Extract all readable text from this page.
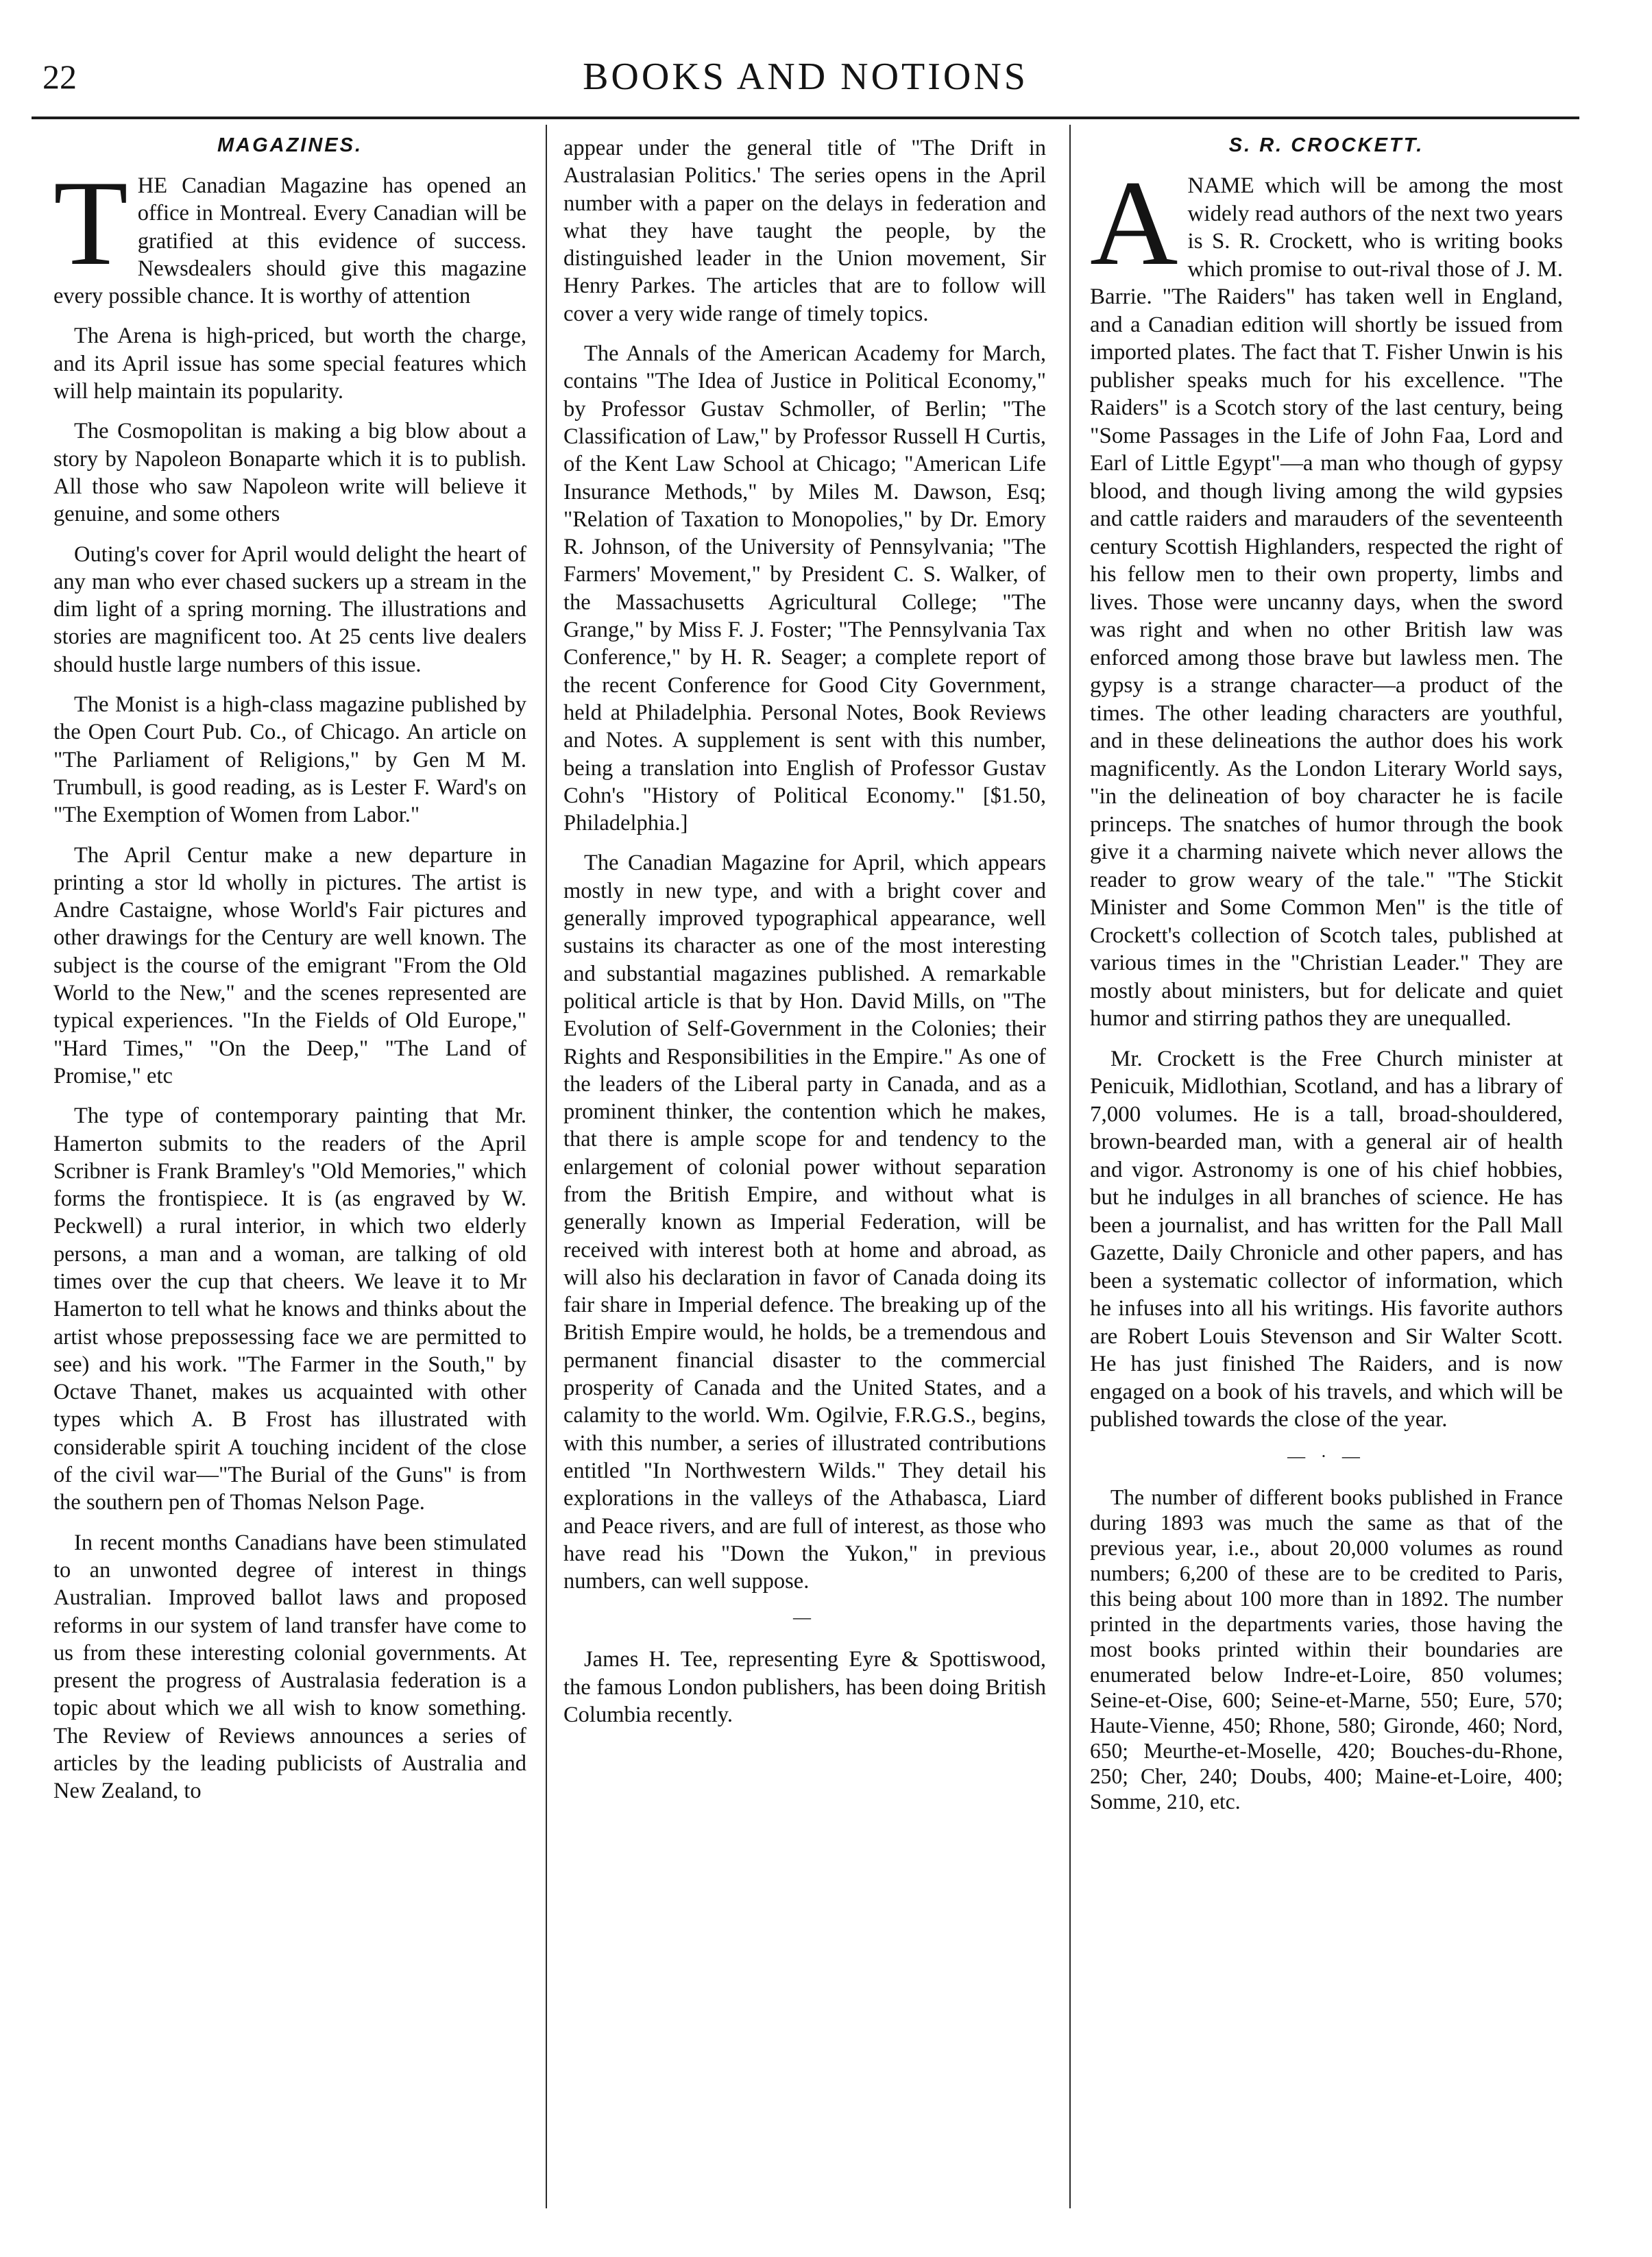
22	BOOKS AND NOTIONS
MAGAZINES.

THE Canadian Magazine has opened an office in Montreal. Every Canadian will be gratified at this evidence of success. Newsdealers should give this magazine every possible chance. It is worthy of attention

The Arena is high-priced, but worth the charge, and its April issue has some special features which will help maintain its popularity.

The Cosmopolitan is making a big blow about a story by Napoleon Bonaparte which it is to publish. All those who saw Napoleon write will believe it genuine, and some others

Outing's cover for April would delight the heart of any man who ever chased suckers up a stream in the dim light of a spring morning. The illustrations and stories are magnificent too. At 25 cents live dealers should hustle large numbers of this issue.

The Monist is a high-class magazine published by the Open Court Pub. Co., of Chicago. An article on "The Parliament of Religions," by Gen M M. Trumbull, is good reading, as is Lester F. Ward's on "The Exemption of Women from Labor."

The April Centur make a new departure in printing a stor ld wholly in pictures. The artist is Andre Castaigne, whose World's Fair pictures and other drawings for the Century are well known. The subject is the course of the emigrant "From the Old World to the New," and the scenes represented are typical experiences. "In the Fields of Old Europe," "Hard Times," "On the Deep," "The Land of Promise," etc

The type of contemporary painting that Mr. Hamerton submits to the readers of the April Scribner is Frank Bramley's "Old Memories," which forms the frontispiece. It is (as engraved by W. Peckwell) a rural interior, in which two elderly persons, a man and a woman, are talking of old times over the cup that cheers. We leave it to Mr Hamerton to tell what he knows and thinks about the artist whose prepossessing face we are permitted to see) and his work. "The Farmer in the South," by Octave Thanet, makes us acquainted with other types which A. B Frost has illustrated with considerable spirit A touching incident of the close of the civil war—"The Burial of the Guns" is from the southern pen of Thomas Nelson Page.

In recent months Canadians have been stimulated to an unwonted degree of interest in things Australian. Improved ballot laws and proposed reforms in our system of land transfer have come to us from these interesting colonial governments. At present the progress of Australasia federation is a topic about which we all wish to know something. The Review of Reviews announces a series of articles by the leading publicists of Australia and New Zealand, to

appear under the general title of "The Drift in Australasian Politics.' The series opens in the April number with a paper on the delays in federation and what they have taught the people, by the distinguished leader in the Union movement, Sir Henry Parkes. The articles that are to follow will cover a very wide range of timely topics.

The Annals of the American Academy for March, contains "The Idea of Justice in Political Economy," by Professor Gustav Schmoller, of Berlin; "The Classification of Law," by Professor Russell H Curtis, of the Kent Law School at Chicago; "American Life Insurance Methods," by Miles M. Dawson, Esq; "Relation of Taxation to Monopolies," by Dr. Emory R. Johnson, of the University of Pennsylvania; "The Farmers' Movement," by President C. S. Walker, of the Massachusetts Agricultural College; "The Grange," by Miss F. J. Foster; "The Pennsylvania Tax Conference," by H. R. Seager; a complete report of the recent Conference for Good City Government, held at Philadelphia. Personal Notes, Book Reviews and Notes. A supplement is sent with this number, being a translation into English of Professor Gustav Cohn's "History of Political Economy." [$1.50, Philadelphia.]

The Canadian Magazine for April, which appears mostly in new type, and with a bright cover and generally improved typographical appearance, well sustains its character as one of the most interesting and substantial magazines published. A remarkable political article is that by Hon. David Mills, on "The Evolution of Self-Government in the Colonies; their Rights and Responsibilities in the Empire." As one of the leaders of the Liberal party in Canada, and as a prominent thinker, the contention which he makes, that there is ample scope for and tendency to the enlargement of colonial power without separation from the British Empire, and without what is generally known as Imperial Federation, will be received with interest both at home and abroad, as will also his declaration in favor of Canada doing its fair share in Imperial defence. The breaking up of the British Empire would, he holds, be a tremendous and permanent financial disaster to the commercial prosperity of Canada and the United States, and a calamity to the world. Wm. Ogilvie, F.R.G.S., begins, with this number, a series of illustrated contributions entitled "In Northwestern Wilds." They detail his explorations in the valleys of the Athabasca, Liard and Peace rivers, and are full of interest, as those who have read his "Down the Yukon," in previous numbers, can well suppose.

—

James H. Tee, representing Eyre & Spottiswood, the famous London publishers, has been doing British Columbia recently.

S. R. CROCKETT.

ANAME which will be among the most widely read authors of the next two years is S. R. Crockett, who is writing books which promise to out-rival those of J. M. Barrie. "The Raiders" has taken well in England, and a Canadian edition will shortly be issued from imported plates. The fact that T. Fisher Unwin is his publisher speaks much for his excellence. "The Raiders" is a Scotch story of the last century, being "Some Passages in the Life of John Faa, Lord and Earl of Little Egypt"—a man who though of gypsy blood, and though living among the wild gypsies and cattle raiders and marauders of the seventeenth century Scottish Highlanders, respected the right of his fellow men to their own property, limbs and lives. Those were uncanny days, when the sword was right and when no other British law was enforced among those brave but lawless men. The gypsy is a strange character—a product of the times. The other leading characters are youthful, and in these delineations the author does his work magnificently. As the London Literary World says, "in the delineation of boy character he is facile princeps. The snatches of humor through the book give it a charming naivete which never allows the reader to grow weary of the tale." "The Stickit Minister and Some Common Men" is the title of Crockett's collection of Scotch tales, published at various times in the "Christian Leader." They are mostly about ministers, but for delicate and quiet humor and stirring pathos they are unequalled.

Mr. Crockett is the Free Church minister at Penicuik, Midlothian, Scotland, and has a library of 7,000 volumes. He is a tall, broad-shouldered, brown-bearded man, with a general air of health and vigor. Astronomy is one of his chief hobbies, but he indulges in all branches of science. He has been a journalist, and has written for the Pall Mall Gazette, Daily Chronicle and other papers, and has been a systematic collector of information, which he infuses into all his writings. His favorite authors are Robert Louis Stevenson and Sir Walter Scott. He has just finished The Raiders, and is now engaged on a book of his travels, and which will be published towards the close of the year.

— · —

The number of different books published in France during 1893 was much the same as that of the previous year, i.e., about 20,000 volumes as round numbers; 6,200 of these are to be credited to Paris, this being about 100 more than in 1892. The number printed in the departments varies, those having the most books printed within their boundaries are enumerated below Indre-et-Loire, 850 volumes; Seine-et-Oise, 600; Seine-et-Marne, 550; Eure, 570; Haute-Vienne, 450; Rhone, 580; Gironde, 460; Nord, 650; Meurthe-et-Moselle, 420; Bouches-du-Rhone, 250; Cher, 240; Doubs, 400; Maine-et-Loire, 400; Somme, 210, etc.
